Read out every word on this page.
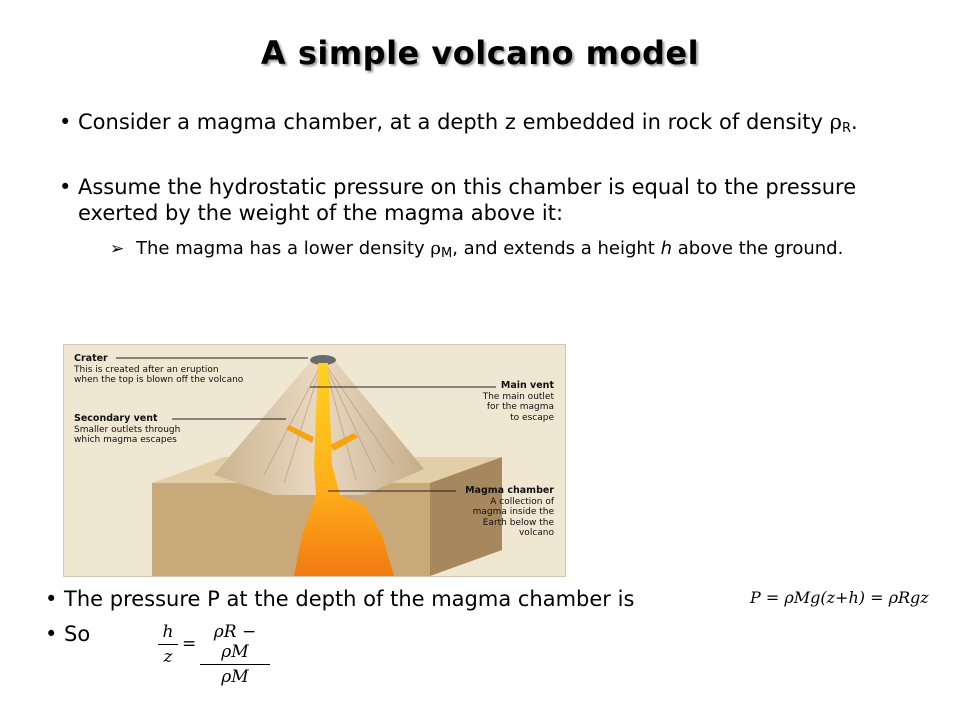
A simple volcano model
• Consider a magma chamber, at a depth z embedded in rock of density $\rho_R$.
• Assume the hydrostatic pressure on this chamber is equal to the pressure exerted by the weight of the magma above it:
➢ The magma has a lower density $\rho_M$, and extends a height h above the ground.
Crater
This is created after an eruption
when the top is blown off the volcano
Secondary vent
Smaller outlets through
which magma escapes
Main vent
The main outlet
for the magma
to escape
Magma chamber
A collection of
magma inside the
Earth below the
volcano
• The pressure P at the depth of the magma chamber is	P = ρMg(z+h) = ρRgz
• So	h
z
=
ρR − ρM
ρM
